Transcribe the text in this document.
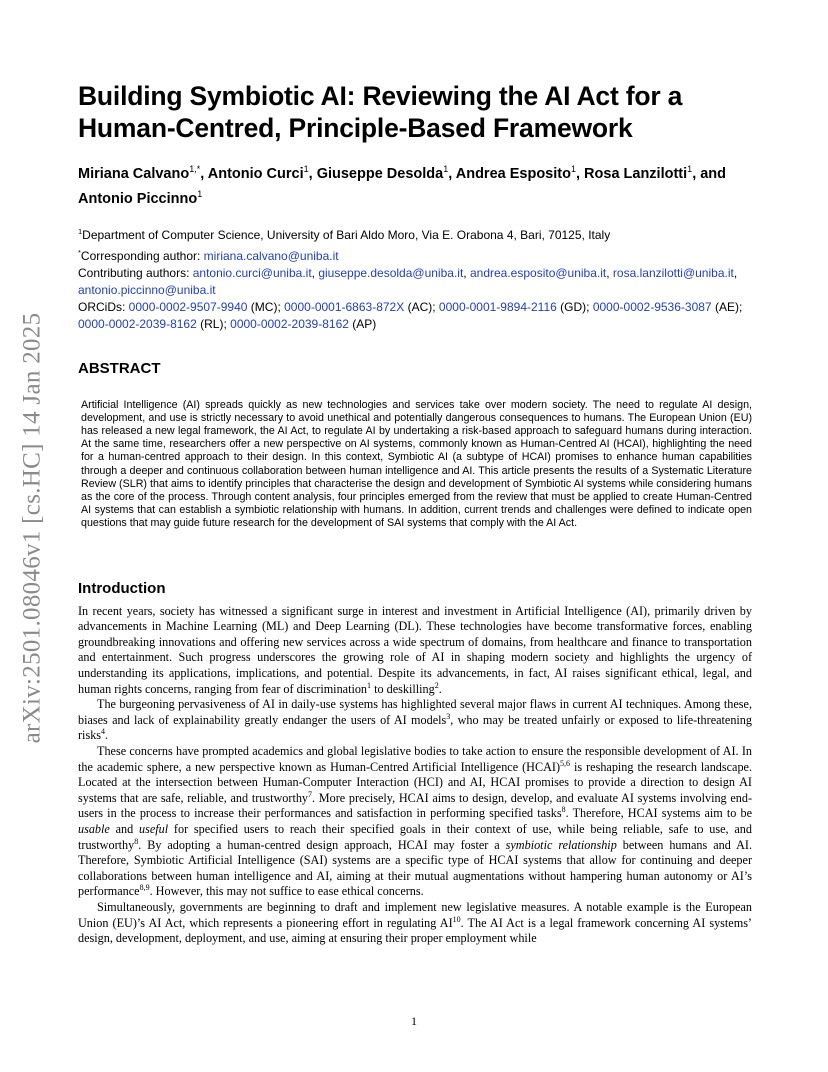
arXiv:2501.08046v1 [cs.HC] 14 Jan 2025
Building Symbiotic AI: Reviewing the AI Act for a Human-Centred, Principle-Based Framework
Miriana Calvano$^{1,*}$, Antonio Curci$^1$, Giuseppe Desolda$^1$, Andrea Esposito$^1$, Rosa Lanzilotti$^1$, and Antonio Piccinno$^1$
$^1$Department of Computer Science, University of Bari Aldo Moro, Via E. Orabona 4, Bari, 70125, Italy
*Corresponding author: miriana.calvano@uniba.it
Contributing authors: antonio.curci@uniba.it, giuseppe.desolda@uniba.it, andrea.esposito@uniba.it, rosa.lanzilotti@uniba.it, antonio.piccinno@uniba.it
ORCiDs: 0000-0002-9507-9940 (MC); 0000-0001-6863-872X (AC); 0000-0001-9894-2116 (GD); 0000-0002-9536-3087 (AE); 0000-0002-2039-8162 (RL); 0000-0002-2039-8162 (AP)
ABSTRACT
Artificial Intelligence (AI) spreads quickly as new technologies and services take over modern society. The need to regulate AI design, development, and use is strictly necessary to avoid unethical and potentially dangerous consequences to humans. The European Union (EU) has released a new legal framework, the AI Act, to regulate AI by undertaking a risk-based approach to safeguard humans during interaction. At the same time, researchers offer a new perspective on AI systems, commonly known as Human-Centred AI (HCAI), highlighting the need for a human-centred approach to their design. In this context, Symbiotic AI (a subtype of HCAI) promises to enhance human capabilities through a deeper and continuous collaboration between human intelligence and AI. This article presents the results of a Systematic Literature Review (SLR) that aims to identify principles that characterise the design and development of Symbiotic AI systems while considering humans as the core of the process. Through content analysis, four principles emerged from the review that must be applied to create Human-Centred AI systems that can establish a symbiotic relationship with humans. In addition, current trends and challenges were defined to indicate open questions that may guide future research for the development of SAI systems that comply with the AI Act.
Introduction

In recent years, society has witnessed a significant surge in interest and investment in Artificial Intelligence (AI), primarily driven by advancements in Machine Learning (ML) and Deep Learning (DL). These technologies have become transformative forces, enabling groundbreaking innovations and offering new services across a wide spectrum of domains, from healthcare and finance to transportation and entertainment. Such progress underscores the growing role of AI in shaping modern society and highlights the urgency of understanding its applications, implications, and potential. Despite its advancements, in fact, AI raises significant ethical, legal, and human rights concerns, ranging from fear of discrimination$^1$ to deskilling$^2$.

The burgeoning pervasiveness of AI in daily-use systems has highlighted several major flaws in current AI techniques. Among these, biases and lack of explainability greatly endanger the users of AI models$^3$, who may be treated unfairly or exposed to life-threatening risks$^4$.

These concerns have prompted academics and global legislative bodies to take action to ensure the responsible development of AI. In the academic sphere, a new perspective known as Human-Centred Artificial Intelligence (HCAI)$^{5,6}$ is reshaping the research landscape. Located at the intersection between Human-Computer Interaction (HCI) and AI, HCAI promises to provide a direction to design AI systems that are safe, reliable, and trustworthy$^7$. More precisely, HCAI aims to design, develop, and evaluate AI systems involving end-users in the process to increase their performances and satisfaction in performing specified tasks$^8$. Therefore, HCAI systems aim to be usable and useful for specified users to reach their specified goals in their context of use, while being reliable, safe to use, and trustworthy$^8$. By adopting a human-centred design approach, HCAI may foster a symbiotic relationship between humans and AI. Therefore, Symbiotic Artificial Intelligence (SAI) systems are a specific type of HCAI systems that allow for continuing and deeper collaborations between human intelligence and AI, aiming at their mutual augmentations without hampering human autonomy or AI’s performance$^{8,9}$. However, this may not suffice to ease ethical concerns.

Simultaneously, governments are beginning to draft and implement new legislative measures. A notable example is the European Union (EU)’s AI Act, which represents a pioneering effort in regulating AI$^{10}$. The AI Act is a legal framework concerning AI systems’ design, development, deployment, and use, aiming at ensuring their proper employment while

1
